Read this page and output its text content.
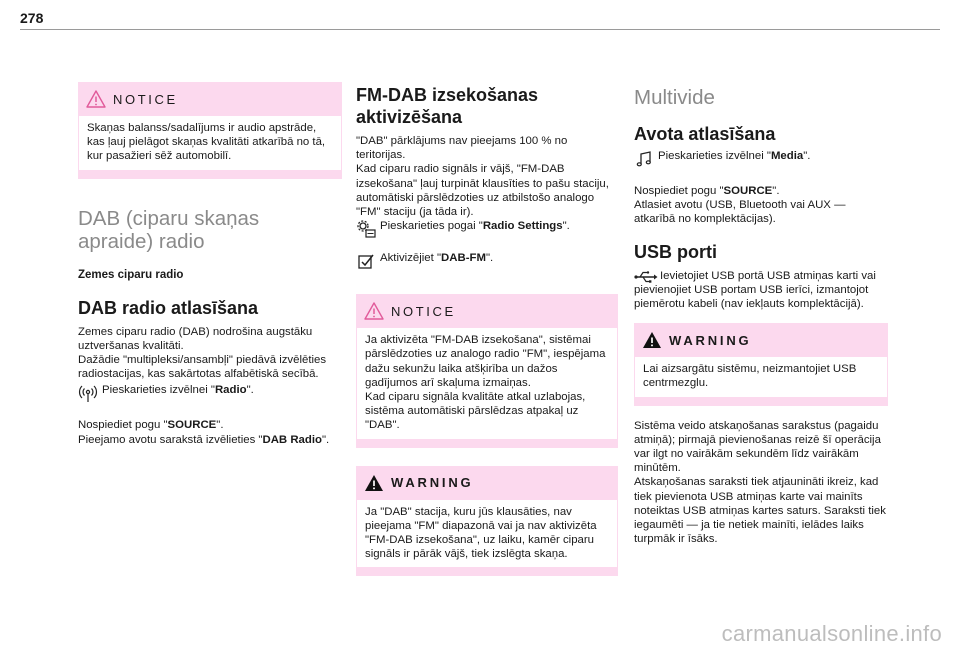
278
NOTICE

Skaņas balanss/sadalījums ir audio apstrāde, kas ļauj pielāgot skaņas kvalitāti atkarībā no tā, kur pasažieri sēž automobilī.

DAB (ciparu skaņas apraide) radio
Zemes ciparu radio
DAB radio atlasīšana

Zemes ciparu radio (DAB) nodrošina augstāku uztveršanas kvalitāti.

Dažādie "multipleksi/ansambļi" piedāvā izvēlēties radiostacijas, kas sakārtotas alfabētiskā secībā.

Pieskarieties izvēlnei "Radio".

Nospiediet pogu "SOURCE".

Pieejamo avotu sarakstā izvēlieties "DAB Radio".

FM-DAB izsekošanas aktivizēšana

"DAB" pārklājums nav pieejams 100 % no teritorijas.

Kad ciparu radio signāls ir vājš, "FM-DAB izsekošana" ļauj turpināt klausīties to pašu staciju, automātiski pārslēdzoties uz atbilstošo analogo "FM" staciju (ja tāda ir).

Pieskarieties pogai "Radio Settings".

Aktivizējiet "DAB-FM".

NOTICE

Ja aktivizēta "FM-DAB izsekošana", sistēmai pārslēdzoties uz analogo radio "FM", iespējama dažu sekunžu laika atšķirība un dažos gadījumos arī skaļuma izmaiņas.

Kad ciparu signāla kvalitāte atkal uzlabojas, sistēma automātiski pārslēdzas atpakaļ uz "DAB".

WARNING

Ja "DAB" stacija, kuru jūs klausāties, nav pieejama "FM" diapazonā vai ja nav aktivizēta "FM-DAB izsekošana", uz laiku, kamēr ciparu signāls ir pārāk vājš, tiek izslēgta skaņa.

Multivide
Avota atlasīšana

Pieskarieties izvēlnei "Media".

Nospiediet pogu "SOURCE".

Atlasiet avotu (USB, Bluetooth vai AUX — atkarībā no komplektācijas).

USB porti

Ievietojiet USB portā USB atmiņas karti vai pievienojiet USB portam USB ierīci, izmantojot piemērotu kabeli (nav iekļauts komplektācijā).

WARNING

Lai aizsargātu sistēmu, neizmantojiet USB centrmezglu.

Sistēma veido atskaņošanas sarakstus (pagaidu atmiņā); pirmajā pievienošanas reizē šī operācija var ilgt no vairākām sekundēm līdz vairākām minūtēm.

Atskaņošanas saraksti tiek atjaunināti ikreiz, kad tiek pievienota USB atmiņas karte vai mainīts noteiktas USB atmiņas kartes saturs. Saraksti tiek iegaumēti — ja tie netiek mainīti, ielādes laiks turpmāk ir īsāks.

carmanualsonline.info
